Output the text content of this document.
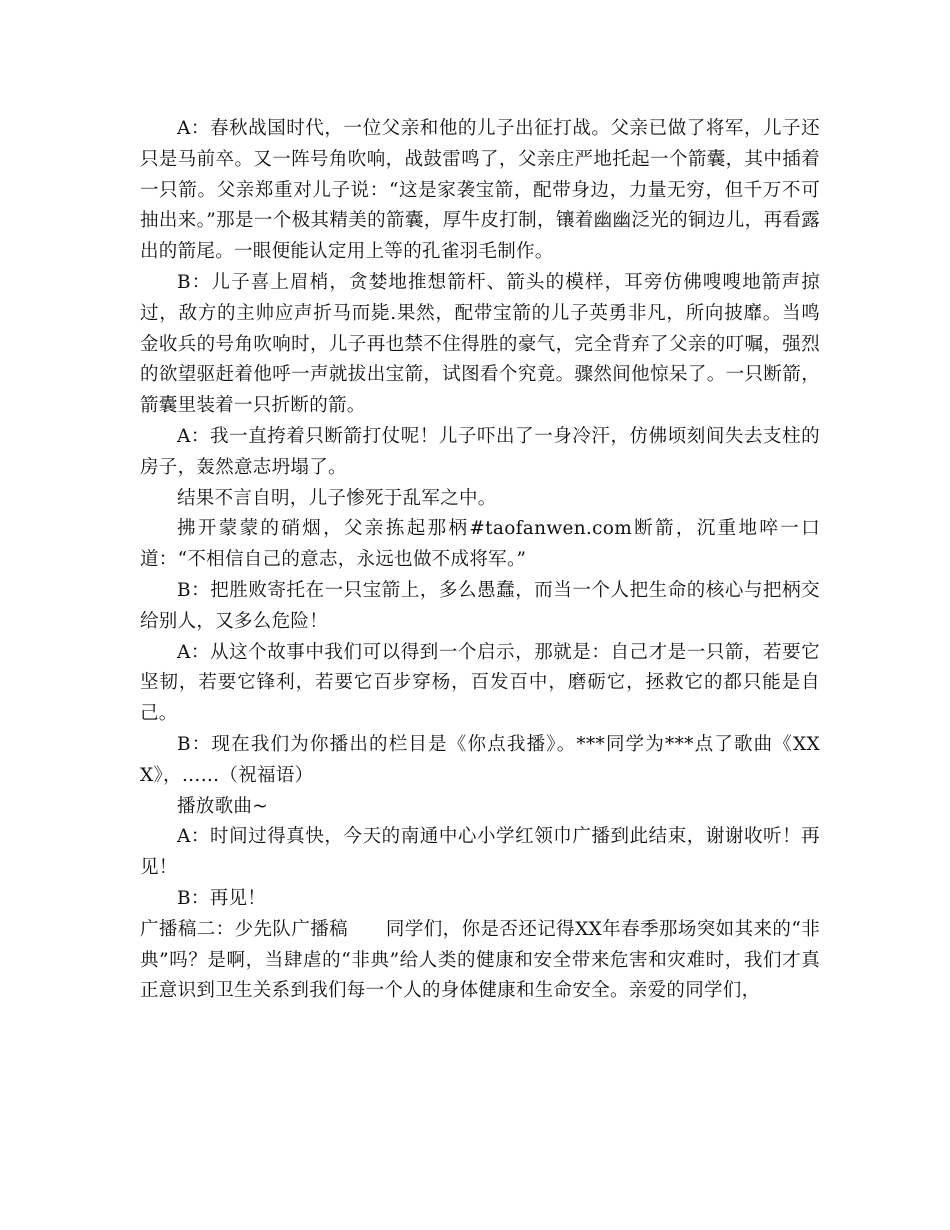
A：春秋战国时代，一位父亲和他的儿子出征打战。父亲已做了将军，儿子还只是马前卒。又一阵号角吹响，战鼓雷鸣了，父亲庄严地托起一个箭囊，其中插着一只箭。父亲郑重对儿子说：“这是家袭宝箭，配带身边，力量无穷，但千万不可抽出来。”那是一个极其精美的箭囊，厚牛皮打制，镶着幽幽泛光的铜边儿，再看露出的箭尾。一眼便能认定用上等的孔雀羽毛制作。

B：儿子喜上眉梢，贪婪地推想箭杆、箭头的模样，耳旁仿佛嗖嗖地箭声掠过，敌方的主帅应声折马而毙.果然，配带宝箭的儿子英勇非凡，所向披靡。当鸣金收兵的号角吹响时，儿子再也禁不住得胜的豪气，完全背弃了父亲的叮嘱，强烈的欲望驱赶着他呼一声就拔出宝箭，试图看个究竟。骤然间他惊呆了。一只断箭，箭囊里装着一只折断的箭。

A：我一直挎着只断箭打仗呢！儿子吓出了一身冷汗，仿佛顷刻间失去支柱的房子，轰然意志坍塌了。

结果不言自明，儿子惨死于乱军之中。

拂开蒙蒙的硝烟，父亲拣起那柄#taofanwen.com断箭，沉重地啐一口道：“不相信自己的意志，永远也做不成将军。”

B：把胜败寄托在一只宝箭上，多么愚蠢，而当一个人把生命的核心与把柄交给别人，又多么危险！

A：从这个故事中我们可以得到一个启示，那就是：自己才是一只箭，若要它坚韧，若要它锋利，若要它百步穿杨，百发百中，磨砺它，拯救它的都只能是自己。

B：现在我们为你播出的栏目是《你点我播》。***同学为***点了歌曲《XXX》，……（祝福语）

播放歌曲~

A：时间过得真快，今天的南通中心小学红领巾广播到此结束，谢谢收听！再见！

B：再见！

广播稿二：少先队广播稿　　同学们，你是否还记得XX年春季那场突如其来的“非典”吗？是啊，当肆虐的“非典”给人类的健康和安全带来危害和灾难时，我们才真正意识到卫生关系到我们每一个人的身体健康和生命安全。亲爱的同学们，
